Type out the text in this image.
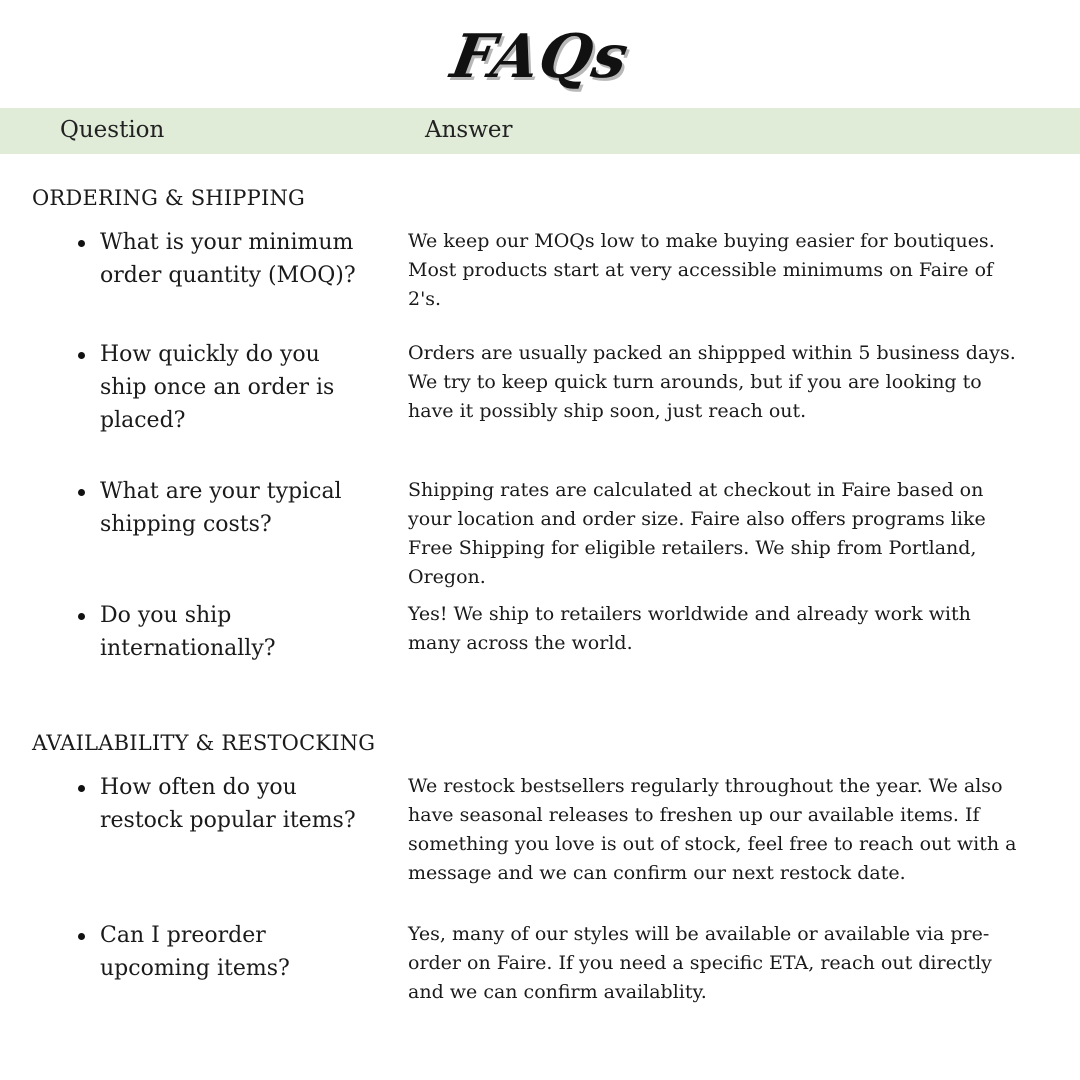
FAQs
Question	Answer
ORDERING & SHIPPING
What is your minimum order quantity (MOQ)?
We keep our MOQs low to make buying easier for boutiques. Most products start at very accessible minimums on Faire of 2's.
How quickly do you ship once an order is placed?
Orders are usually packed an shippped within 5 business days. We try to keep quick turn arounds, but if you are looking to have it possibly ship soon, just reach out.
What are your typical shipping costs?
Shipping rates are calculated at checkout in Faire based on your location and order size. Faire also offers programs like Free Shipping for eligible retailers. We ship from Portland, Oregon.
Do you ship internationally?
Yes! We ship to retailers worldwide and already work with many across the world.
AVAILABILITY & RESTOCKING
How often do you restock popular items?
We restock bestsellers regularly throughout the year. We also have seasonal releases to freshen up our available items. If something you love is out of stock, feel free to reach out with a message and we can confirm our next restock date.
Can I preorder upcoming items?
Yes, many of our styles will be available or available via pre-order on Faire. If you need a specific ETA, reach out directly and we can confirm availablity.
